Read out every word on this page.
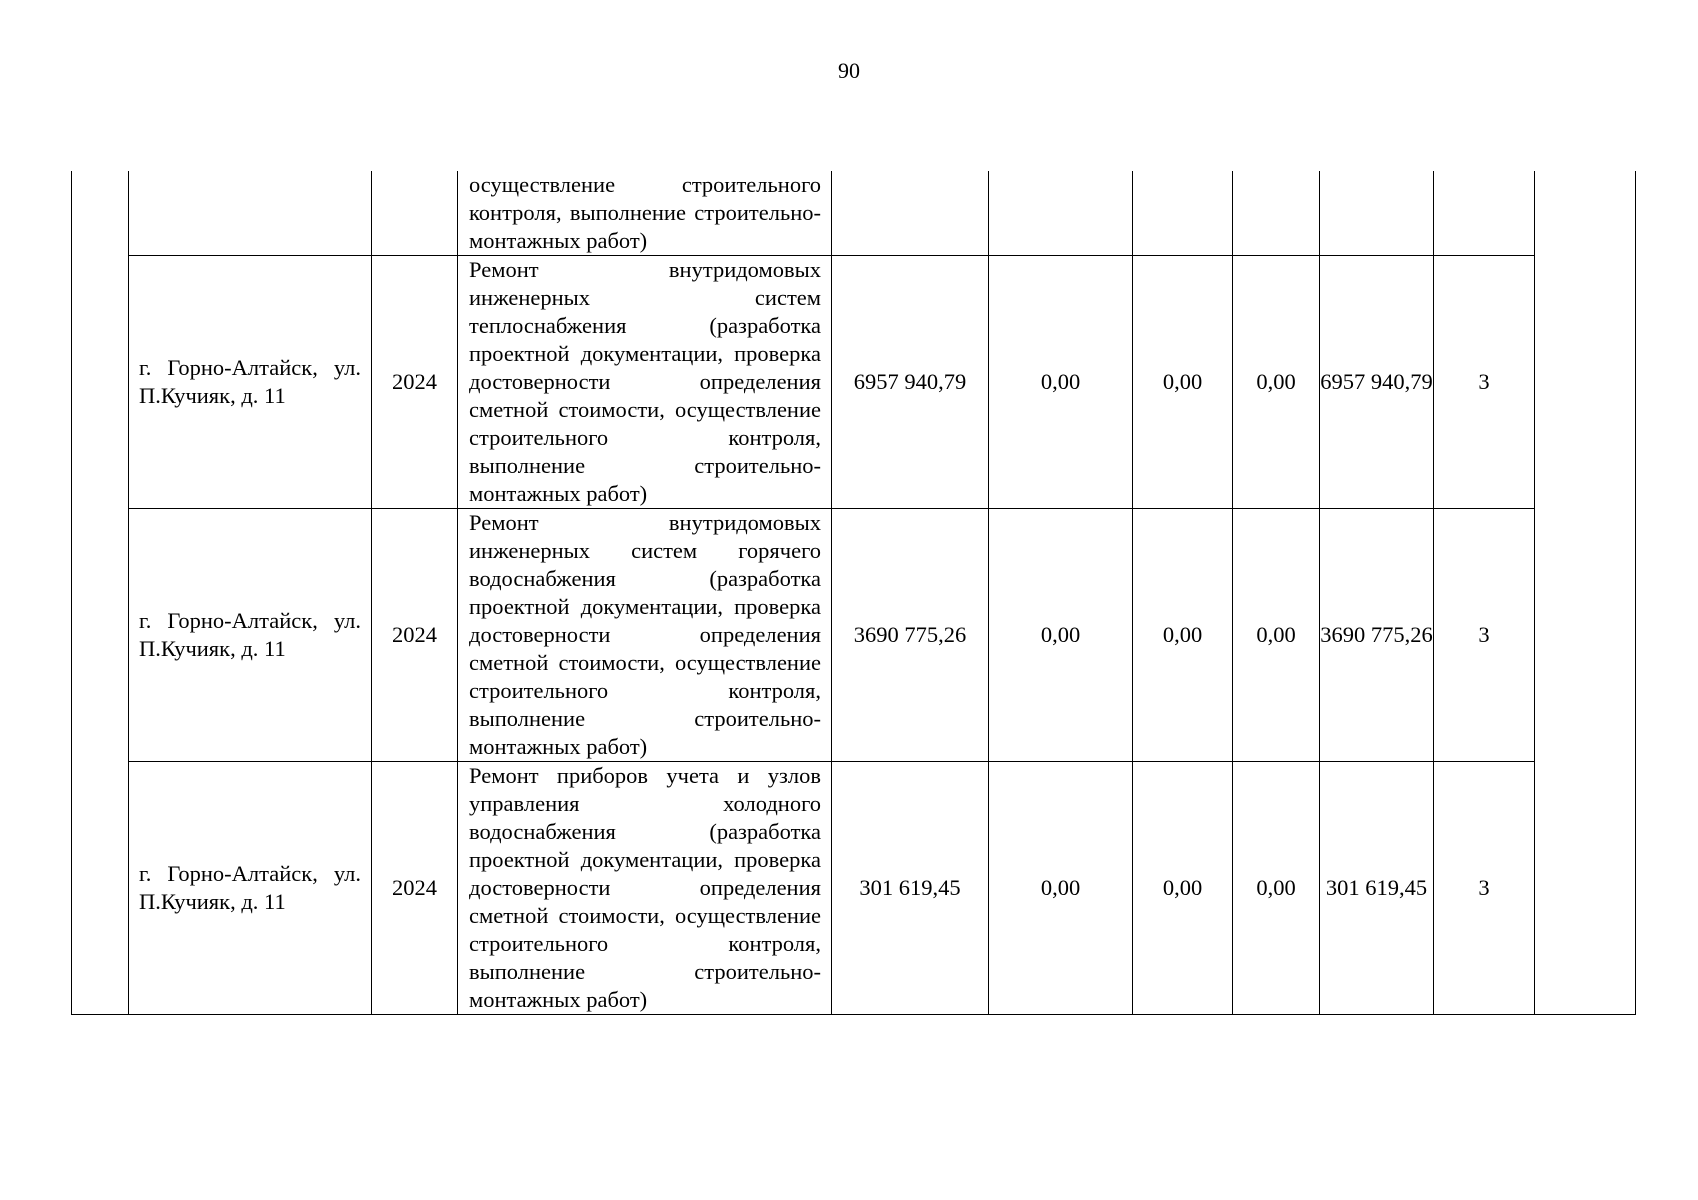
90

			осуществление строительного контроля, выполнение строительно-монтажных работ)							

	г. Горно-Алтайск, ул. П.Кучияк, д. 11	2024	Ремонт внутридомовых инженерных систем теплоснабжения (разработка проектной документации, проверка достоверности определения сметной стоимости, осуществление строительного контроля, выполнение строительно-монтажных работ)	6957 940,79	0,00	0,00	0,00	6957 940,79	3	
	г. Горно-Алтайск, ул. П.Кучияк, д. 11	2024	Ремонт внутридомовых инженерных систем горячего водоснабжения (разработка проектной документации, проверка достоверности определения сметной стоимости, осуществление строительного контроля, выполнение строительно-монтажных работ)	3690 775,26	0,00	0,00	0,00	3690 775,26	3	
	г. Горно-Алтайск, ул. П.Кучияк, д. 11	2024	Ремонт приборов учета и узлов управления холодного водоснабжения (разработка проектной документации, проверка достоверности определения сметной стоимости, осуществление строительного контроля, выполнение строительно-монтажных работ)	301 619,45	0,00	0,00	0,00	301 619,45	3	
